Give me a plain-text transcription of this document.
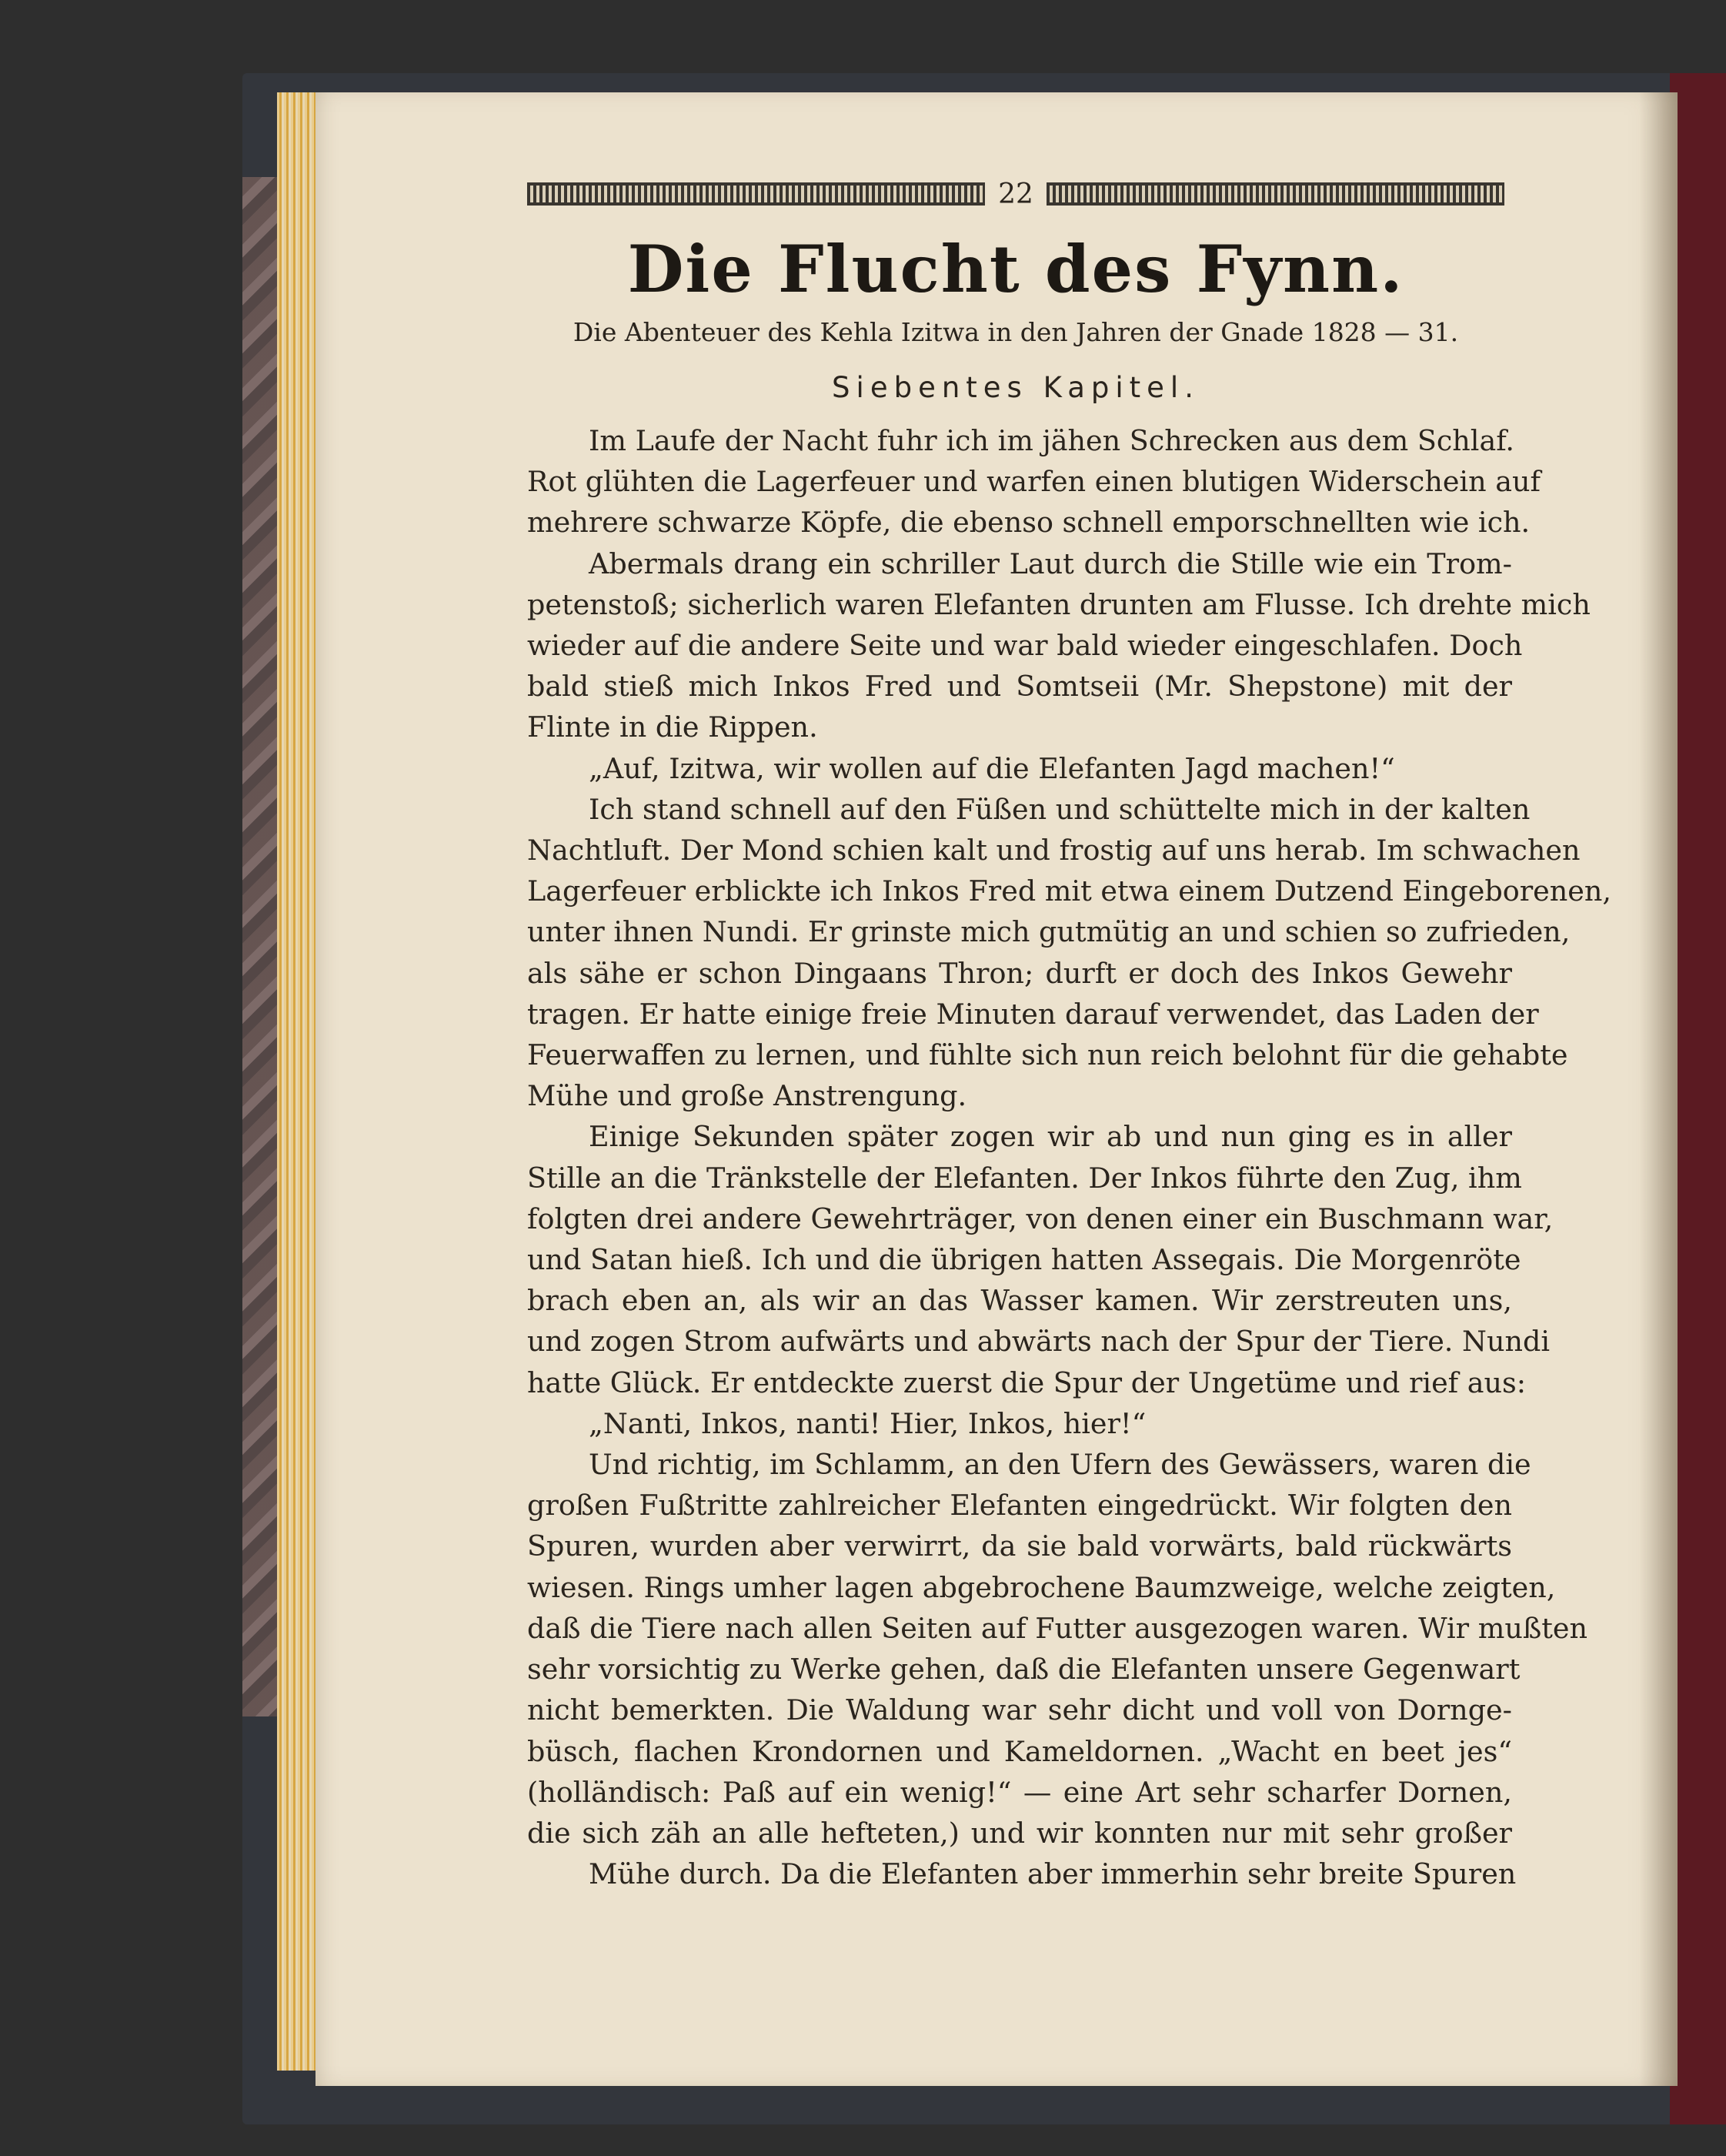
22
Die Flucht des Fynn.
Die Abenteuer des Kehla Izitwa in den Jahren der Gnade 1828 — 31.
Siebentes Kapitel.
Im Laufe der Nacht fuhr ich im jähen Schrecken aus dem Schlaf.
Rot glühten die Lagerfeuer und warfen einen blutigen Widerschein auf
mehrere schwarze Köpfe, die ebenso schnell emporschnellten wie ich.
Abermals drang ein schriller Laut durch die Stille wie ein Trom-
petenstoß; sicherlich waren Elefanten drunten am Flusse. Ich drehte mich
wieder auf die andere Seite und war bald wieder eingeschlafen. Doch
bald stieß mich Inkos Fred und Somtseii (Mr. Shepstone) mit der
Flinte in die Rippen.
„Auf, Izitwa, wir wollen auf die Elefanten Jagd machen!“
Ich stand schnell auf den Füßen und schüttelte mich in der kalten
Nachtluft. Der Mond schien kalt und frostig auf uns herab. Im schwachen
Lagerfeuer erblickte ich Inkos Fred mit etwa einem Dutzend Eingeborenen,
unter ihnen Nundi. Er grinste mich gutmütig an und schien so zufrieden,
als sähe er schon Dingaans Thron; durft er doch des Inkos Gewehr
tragen. Er hatte einige freie Minuten darauf verwendet, das Laden der
Feuerwaffen zu lernen, und fühlte sich nun reich belohnt für die gehabte
Mühe und große Anstrengung.
Einige Sekunden später zogen wir ab und nun ging es in aller
Stille an die Tränkstelle der Elefanten. Der Inkos führte den Zug, ihm
folgten drei andere Gewehrträger, von denen einer ein Buschmann war,
und Satan hieß. Ich und die übrigen hatten Assegais. Die Morgenröte
brach eben an, als wir an das Wasser kamen. Wir zerstreuten uns,
und zogen Strom aufwärts und abwärts nach der Spur der Tiere. Nundi
hatte Glück. Er entdeckte zuerst die Spur der Ungetüme und rief aus:
„Nanti, Inkos, nanti! Hier, Inkos, hier!“
Und richtig, im Schlamm, an den Ufern des Gewässers, waren die
großen Fußtritte zahlreicher Elefanten eingedrückt. Wir folgten den
Spuren, wurden aber verwirrt, da sie bald vorwärts, bald rückwärts
wiesen. Rings umher lagen abgebrochene Baumzweige, welche zeigten,
daß die Tiere nach allen Seiten auf Futter ausgezogen waren. Wir mußten
sehr vorsichtig zu Werke gehen, daß die Elefanten unsere Gegenwart
nicht bemerkten. Die Waldung war sehr dicht und voll von Dornge-
büsch, flachen Krondornen und Kameldornen. „Wacht en beet jes“
(holländisch: Paß auf ein wenig!“ — eine Art sehr scharfer Dornen,
die sich zäh an alle hefteten,) und wir konnten nur mit sehr großer
Mühe durch. Da die Elefanten aber immerhin sehr breite Spuren
